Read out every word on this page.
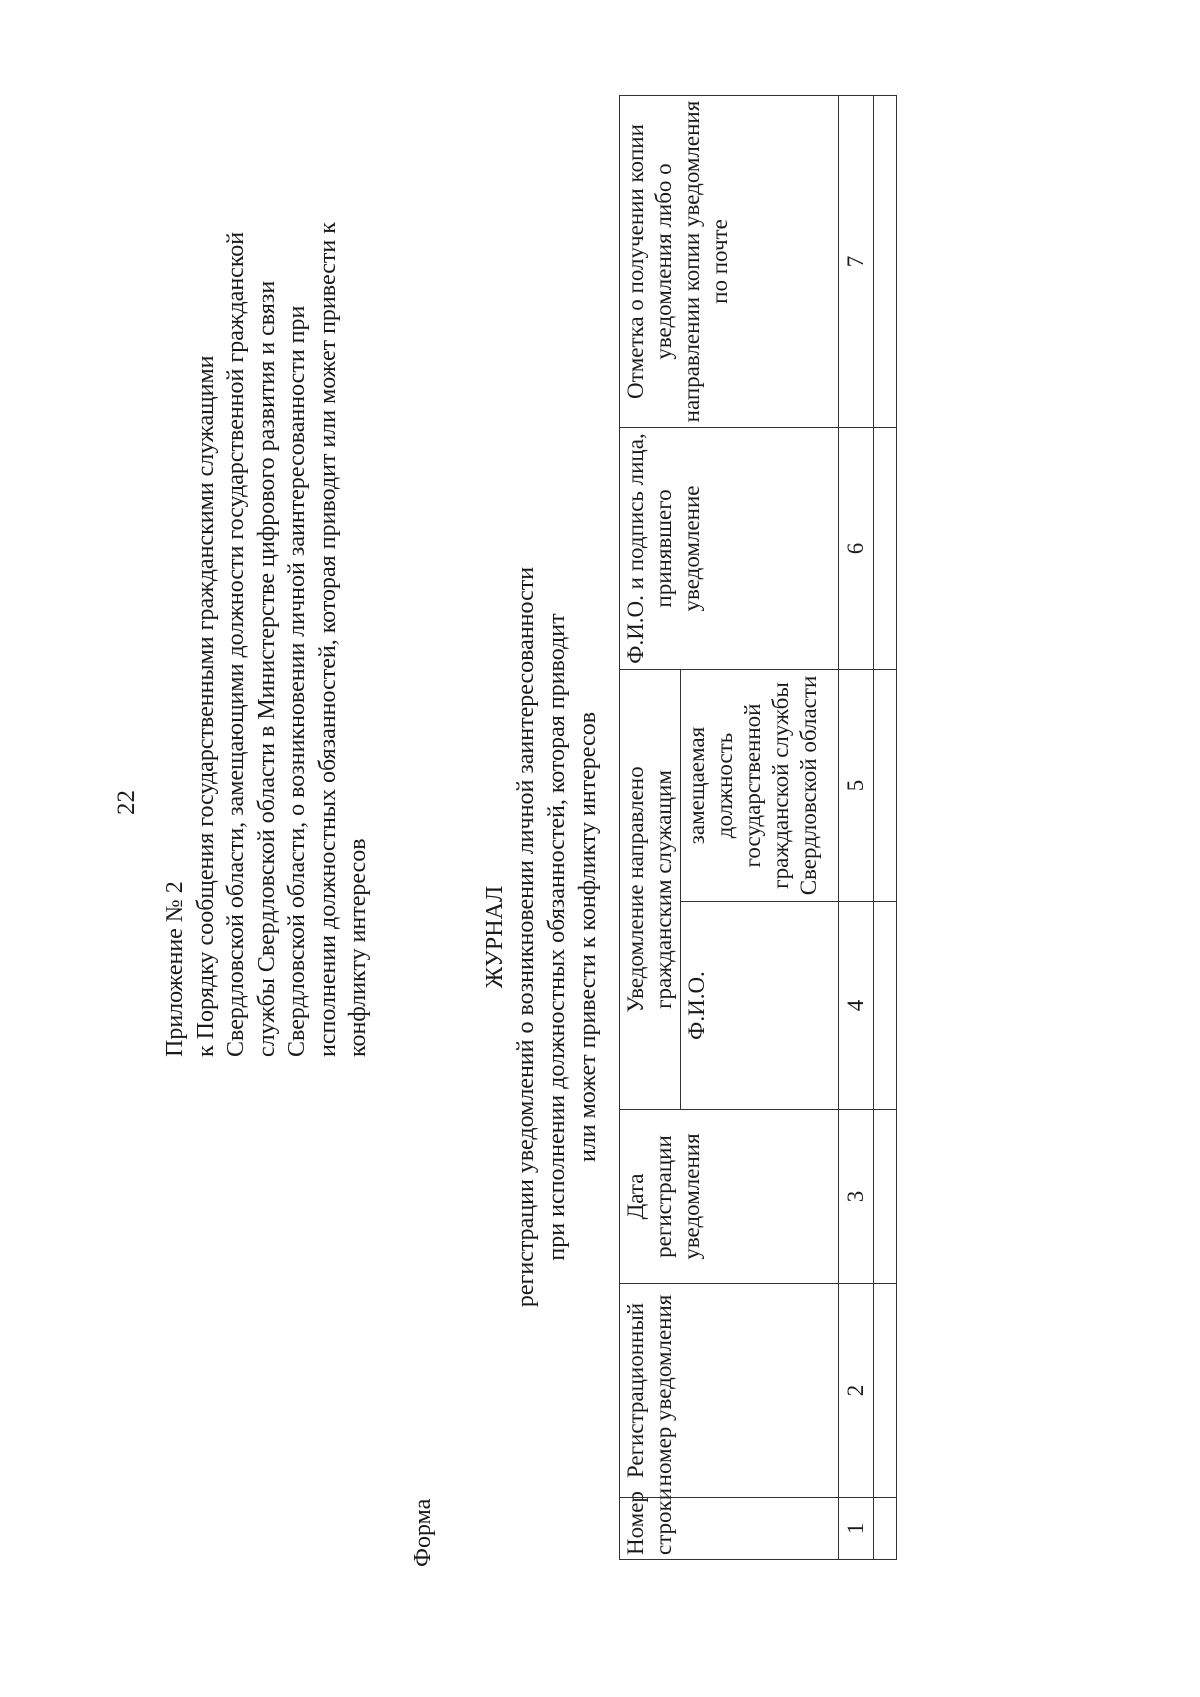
22
Приложение № 2 к Порядку сообщения государственными гражданскими служащими Свердловской области, замещающими должности государственной гражданской службы Свердловской области в Министерстве цифрового развития и связи Свердловской области, о возникновении личной заинтересованности при исполнении должностных обязанностей, которая приводит или может привести к конфликту интересов
Форма
ЖУРНАЛ регистрации уведомлений о возникновении личной заинтересованности при исполнении должностных обязанностей, которая приводит или может привести к конфликту интересов
Номер строки	Регистрационный номер уведомления	Дата регистрации уведомления	Уведомление направлено гражданским служащим		Ф.И.О. и подпись лица, принявшего уведомление	Отметка о получении копии уведомления либо о направлении копии уведомления по почте
			Ф.И.О.	замещаемая должность государственной гражданской службы Свердловской области		
1	2	3	4	5	6	7
